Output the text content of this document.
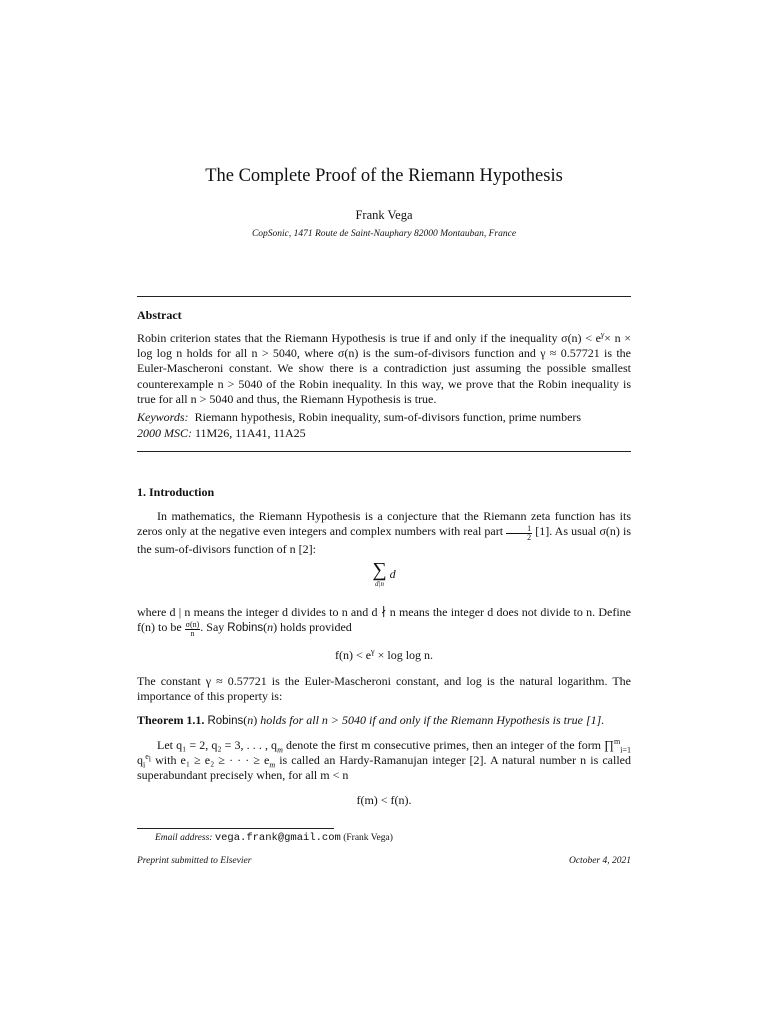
The Complete Proof of the Riemann Hypothesis
Frank Vega
CopSonic, 1471 Route de Saint-Nauphary 82000 Montauban, France
Abstract
Robin criterion states that the Riemann Hypothesis is true if and only if the inequality $\sigma(n) < e^\gamma\times n \times \log \log n$ holds for all n > 5040, where σ(n) is the sum-of-divisors function and γ ≈ 0.57721 is the Euler-Mascheroni constant. We show there is a contradiction just assuming the possible smallest counterexample n > 5040 of the Robin inequality. In this way, we prove that the Robin inequality is true for all n > 5040 and thus, the Riemann Hypothesis is true.
Keywords: Riemann hypothesis, Robin inequality, sum-of-divisors function, prime numbers
2000 MSC: 11M26, 11A41, 11A25
1. Introduction
In mathematics, the Riemann Hypothesis is a conjecture that the Riemann zeta function has its zeros only at the negative even integers and complex numbers with real part $\frac{1}{2} [1]$. As usual σ(n) is the sum-of-divisors function of n [2]:
∑
d|n
d
where d | n means the integer d divides to n and d ∤ n means the integer d does not divide to n. Define f(n) to be $\frac{\sigma(n)}{n}$ . Say Robins(n) holds provided
$f(n) < e^\gamma \times \log \log n$.
The constant γ ≈ 0.57721 is the Euler-Mascheroni constant, and log is the natural logarithm. The importance of this property is:
Theorem 1.1. Robins(n) holds for all n > 5040 if and only if the Riemann Hypothesis is true [1].
Let q₁ = 2, q₂ = 3, . . . , $q_m$ denote the first m consecutive primes, then an integer of the form ∏$^m_{i=1}$ $q_i^{e_i}$ with e₁ ≥ e₂ ≥ · · · ≥ $e_m$ is called an Hardy-Ramanujan integer [2]. A natural number n is called superabundant precisely when, for all m < n
f(m) < f(n).
Email address: vega.frank@gmail.com (Frank Vega)
Preprint submitted to Elsevier	October 4, 2021
